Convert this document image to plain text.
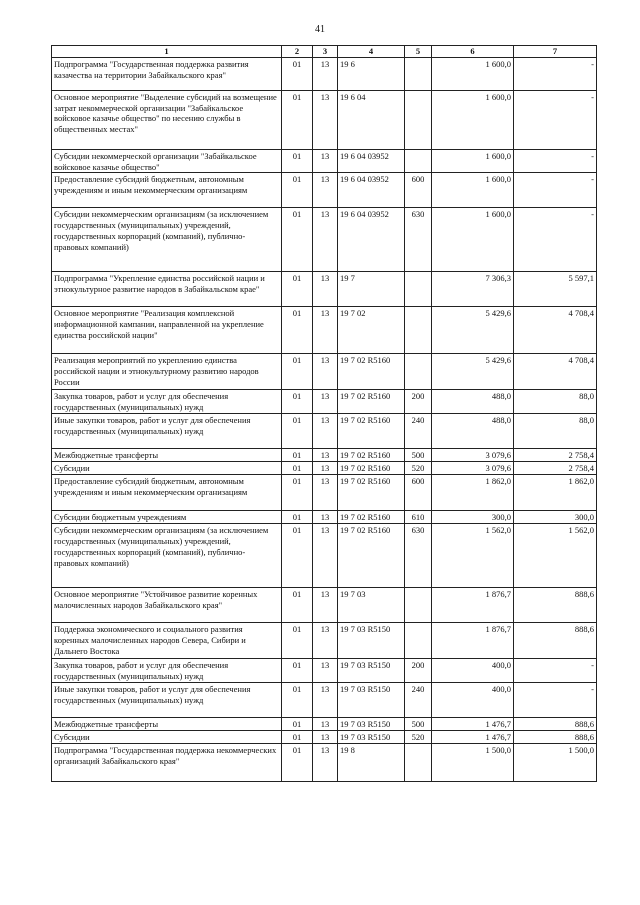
41
1	2	3	4	5	6	7
Подпрограмма "Государственная поддержка развития казачества на территории Забайкальского края"	01	13	19 6		1 600,0	-
Основное мероприятие "Выделение субсидий на возмещение затрат некоммерческой организации "Забайкальское войсковое казачье общество" по несению службы в общественных местах"	01	13	19 6 04		1 600,0	-
Субсидии некоммерческой организации "Забайкальское войсковое казачье общество"	01	13	19 6 04 03952		1 600,0	-
Предоставление субсидий бюджетным, автономным учреждениям и иным некоммерческим организациям	01	13	19 6 04 03952	600	1 600,0	-
Субсидии некоммерческим организациям (за исключением государственных (муниципальных) учреждений, государственных корпораций (компаний), публично-правовых компаний)	01	13	19 6 04 03952	630	1 600,0	-
Подпрограмма "Укрепление единства российской нации и этнокультурное развитие народов в Забайкальском крае"	01	13	19 7		7 306,3	5 597,1
Основное мероприятие "Реализация комплексной информационной кампании, направленной на укрепление единства российской нации"	01	13	19 7 02		5 429,6	4 708,4
Реализация мероприятий по укреплению единства российской нации и этнокультурному развитию народов России	01	13	19 7 02 R5160		5 429,6	4 708,4
Закупка товаров, работ и услуг для обеспечения государственных (муниципальных) нужд	01	13	19 7 02 R5160	200	488,0	88,0
Иные закупки товаров, работ и услуг для обеспечения государственных (муниципальных) нужд	01	13	19 7 02 R5160	240	488,0	88,0
Межбюджетные трансферты	01	13	19 7 02 R5160	500	3 079,6	2 758,4
Субсидии	01	13	19 7 02 R5160	520	3 079,6	2 758,4
Предоставление субсидий бюджетным, автономным учреждениям и иным некоммерческим организациям	01	13	19 7 02 R5160	600	1 862,0	1 862,0
Субсидии бюджетным учреждениям	01	13	19 7 02 R5160	610	300,0	300,0
Субсидии некоммерческим организациям (за исключением государственных (муниципальных) учреждений, государственных корпораций (компаний), публично-правовых компаний)	01	13	19 7 02 R5160	630	1 562,0	1 562,0
Основное мероприятие "Устойчивое развитие коренных малочисленных народов Забайкальского края"	01	13	19 7 03		1 876,7	888,6
Поддержка экономического и социального развития коренных малочисленных народов Севера, Сибири и Дальнего Востока	01	13	19 7 03 R5150		1 876,7	888,6
Закупка товаров, работ и услуг для обеспечения государственных (муниципальных) нужд	01	13	19 7 03 R5150	200	400,0	-
Иные закупки товаров, работ и услуг для обеспечения государственных (муниципальных) нужд	01	13	19 7 03 R5150	240	400,0	-
Межбюджетные трансферты	01	13	19 7 03 R5150	500	1 476,7	888,6
Субсидии	01	13	19 7 03 R5150	520	1 476,7	888,6
Подпрограмма "Государственная поддержка некоммерческих организаций Забайкальского края"	01	13	19 8		1 500,0	1 500,0
